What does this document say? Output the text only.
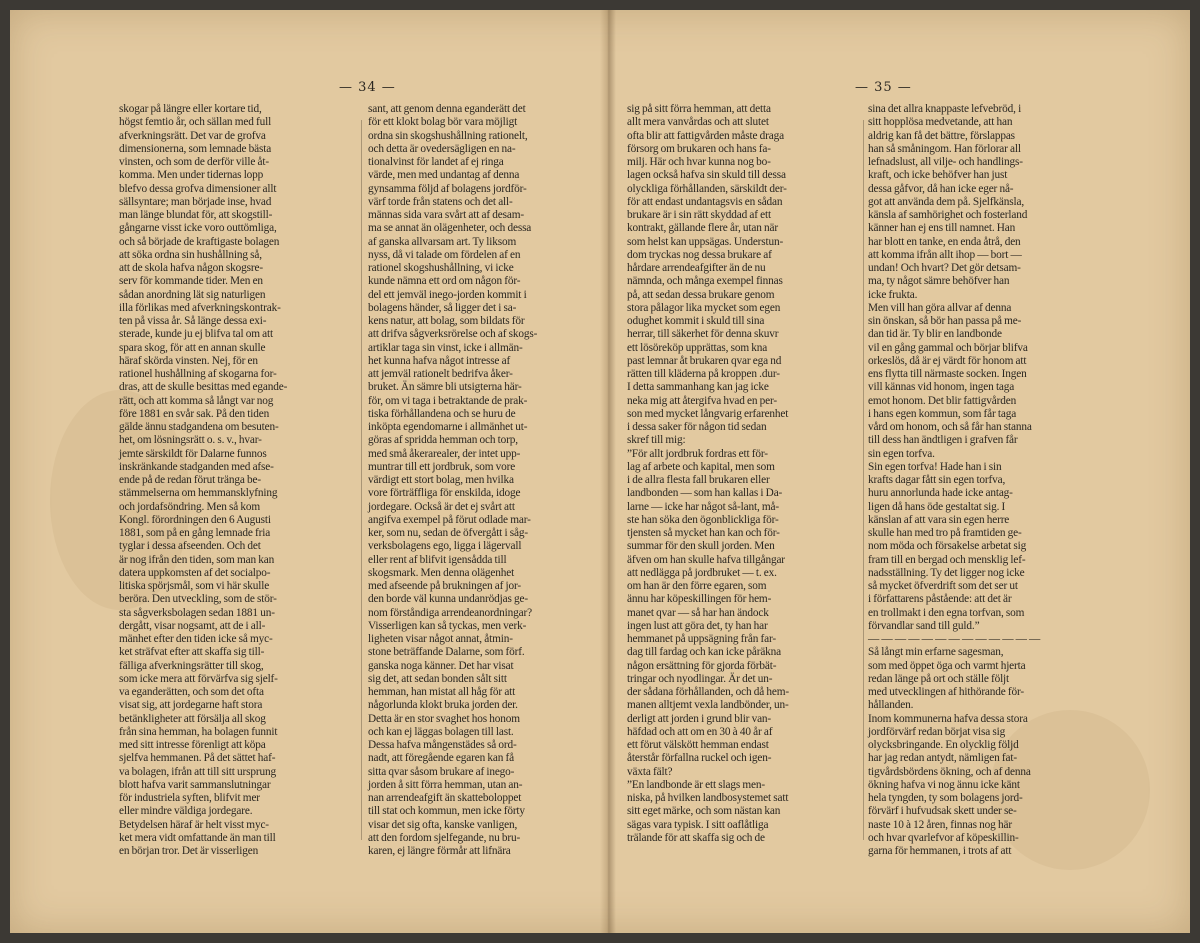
— 34 —

skogar på längre eller kortare tid,
högst femtio år, och sällan med full
afverkningsrätt. Det var de grofva
dimensionerna, som lemnade bästa
vinsten, och som de derför ville åt-
komma. Men under tidernas lopp
blefvo dessa grofva dimensioner allt
sällsyntare; man började inse, hvad
man länge blundat för, att skogstill-
gångarne visst icke voro outtömliga,
och så började de kraftigaste bolagen
att söka ordna sin hushållning så,
att de skola hafva någon skogsre-
serv för kommande tider. Men en
sådan anordning lät sig naturligen
illa förlikas med afverkningskontrak-
ten på vissa år. Så länge dessa exi-
sterade, kunde ju ej blifva tal om att
spara skog, för att en annan skulle
häraf skörda vinsten. Nej, för en
rationel hushållning af skogarna for-
dras, att de skulle besittas med egande-
rätt, och att komma så långt var nog
före 1881 en svår sak. På den tiden
gälde ännu stadgandena om besuten-
het, om lösningsrätt o. s. v., hvar-
jemte särskildt för Dalarne funnos
inskränkande stadganden med afse-
ende på de redan förut tränga be-
stämmelserna om hemmansklyfning
och jordafsöndring. Men så kom
Kongl. förordningen den 6 Augusti
1881, som på en gång lemnade fria
tyglar i dessa afseenden. Och det
är nog ifrån den tiden, som man kan
datera uppkomsten af det socialpo-
litiska spörjsmål, som vi här skulle
beröra. Den utveckling, som de stör-
sta sågverksbolagen sedan 1881 un-
dergått, visar nogsamt, att de i all-
mänhet efter den tiden icke så myc-
ket sträfvat efter att skaffa sig till-
fälliga afverkningsrätter till skog,
som icke mera att förvärfva sig sjelf-
va eganderätten, och som det ofta
visat sig, att jordegarne haft stora
betänkligheter att försälja all skog
från sina hemman, ha bolagen funnit
med sitt intresse förenligt att köpa
sjelfva hemmanen. På det sättet haf-
va bolagen, ifrån att till sitt ursprung
blott hafva varit sammanslutningar
för industriela syften, blifvit mer
eller mindre väldiga jordegare.
Betydelsen häraf är helt visst myc-
ket mera vidt omfattande än man till
en början tror. Det är visserligen

sant, att genom denna eganderätt det
för ett klokt bolag bör vara möjligt
ordna sin skogshushållning rationelt,
och detta är ovedersägligen en na-
tionalvinst för landet af ej ringa
värde, men med undantag af denna
gynsamma följd af bolagens jordför-
värf torde från statens och det all-
männas sida vara svårt att af desam-
ma se annat än olägenheter, och dessa
af ganska allvarsam art. Ty liksom
nyss, då vi talade om fördelen af en
rationel skogshushållning, vi icke
kunde nämna ett ord om någon för-
del ett jemväl inego-jorden kommit i
bolagens händer, så ligger det i sa-
kens natur, att bolag, som bildats för
att drifva sågverksrörelse och af skogs-
artiklar taga sin vinst, icke i allmän-
het kunna hafva något intresse af
att jemväl rationelt bedrifva åker-
bruket. Än sämre bli utsigterna här-
för, om vi taga i betraktande de prak-
tiska förhållandena och se huru de
inköpta egendomarne i allmänhet ut-
göras af spridda hemman och torp,
med små åkerarealer, der intet upp-
muntrar till ett jordbruk, som vore
värdigt ett stort bolag, men hvilka
vore förträffliga för enskilda, idoge
jordegare. Också är det ej svårt att
angifva exempel på förut odlade mar-
ker, som nu, sedan de öfvergått i såg-
verksbolagens ego, ligga i lägervall
eller rent af blifvit igensådda till
skogsmark. Men denna olägenhet
med afseende på brukningen af jor-
den borde väl kunna undanrödjas ge-
nom förståndiga arrendeanordningar?
Visserligen kan så tyckas, men verk-
ligheten visar något annat, åtmin-
stone beträffande Dalarne, som förf.
ganska noga känner. Det har visat
sig det, att sedan bonden sålt sitt
hemman, han mistat all håg för att
någorlunda klokt bruka jorden der.
Detta är en stor svaghet hos honom
och kan ej läggas bolagen till last.
Dessa hafva mångenstädes så ord-
nadt, att föregående egaren kan få
sitta qvar såsom brukare af inego-
jorden å sitt förra hemman, utan an-
nan arrendeafgift än skatteboloppet
till stat och kommun, men icke förty
visar det sig ofta, kanske vanligen,
att den fordom sjelfegande, nu bru-
karen, ej längre förmår att lifnära

— 35 —

sig på sitt förra hemman, att detta
allt mera vanvårdas och att slutet
ofta blir att fattigvården måste draga
försorg om brukaren och hans fa-
milj. Här och hvar kunna nog bo-
lagen också hafva sin skuld till dessa
olyckliga förhållanden, särskildt der-
för att endast undantagsvis en sådan
brukare är i sin rätt skyddad af ett
kontrakt, gällande flere år, utan när
som helst kan uppsägas. Understun-
dom tryckas nog dessa brukare af
hårdare arrendeafgifter än de nu
nämnda, och många exempel finnas
på, att sedan dessa brukare genom
stora pålagor lika mycket som egen
odughet kommit i skuld till sina
herrar, till säkerhet för denna skuvr
ett lösöreköp upprättas, som kna
past lemnar åt brukaren qvar ega nd
rätten till kläderna på kroppen .dur-
I detta sammanhang kan jag icke
neka mig att återgifva hvad en per-
son med mycket långvarig erfarenhet
i dessa saker för någon tid sedan
skref till mig:
”För allt jordbruk fordras ett för-
lag af arbete och kapital, men som
i de allra flesta fall brukaren eller
landbonden — som han kallas i Da-
larne — icke har något så-lant, må-
ste han söka den ögonblickliga för-
tjensten så mycket han kan och för-
summar för den skull jorden. Men
äfven om han skulle hafva tillgångar
att nedlägga på jordbruket — t. ex.
om han är den förre egaren, som
ännu har köpeskillingen för hem-
manet qvar — så har han ändock
ingen lust att göra det, ty han har
hemmanet på uppsägning från far-
dag till fardag och kan icke påräkna
någon ersättning för gjorda förbät-
tringar och nyodlingar. Är det un-
der sådana förhållanden, och då hem-
manen alltjemt vexla landbönder, un-
derligt att jorden i grund blir van-
häfdad och att om en 30 à 40 år af
ett förut välskött hemman endast
återstår förfallna ruckel och igen-
växta fält?
”En landbonde är ett slags men-
niska, på hvilken landbosystemet satt
sitt eget märke, och som nästan kan
sägas vara typisk. I sitt oaflåtliga
trälande för att skaffa sig och de

sina det allra knappaste lefvebröd, i
sitt hopplösa medvetande, att han
aldrig kan få det bättre, förslappas
han så småningom. Han förlorar all
lefnadslust, all vilje- och handlings-
kraft, och icke behöfver han just
dessa gåfvor, då han icke eger nå-
got att använda dem på. Sjelfkänsla,
känsla af samhörighet och fosterland
känner han ej ens till namnet. Han
har blott en tanke, en enda åtrå, den
att komma ifrån allt ihop — bort —
undan! Och hvart? Det gör detsam-
ma, ty något sämre behöfver han
icke frukta.
Men vill han göra allvar af denna
sin önskan, så bör han passa på me-
dan tid är. Ty blir en landbonde
vil en gång gammal och börjar blifva
orkeslös, då är ej värdt för honom att
ens flytta till närmaste socken. Ingen
vill kännas vid honom, ingen taga
emot honom. Det blir fattigvården
i hans egen kommun, som får taga
vård om honom, och så får han stanna
till dess han ändtligen i grafven får
sin egen torfva.
Sin egen torfva! Hade han i sin
krafts dagar fått sin egen torfva,
huru annorlunda hade icke antag-
ligen då hans öde gestaltat sig. I
känslan af att vara sin egen herre
skulle han med tro på framtiden ge-
nom möda och försakelse arbetat sig
fram till en bergad och mensklig lef-
nadsställning. Ty det ligger nog icke
så mycket öfverdrift som det ser ut
i författarens påstående: att det är
en trollmakt i den egna torfvan, som
förvandlar sand till guld.”
— — — — — — — — — — — — —
Så långt min erfarne sagesman,
som med öppet öga och varmt hjerta
redan länge på ort och ställe följt
med utvecklingen af hithörande för-
hållanden.
Inom kommunerna hafva dessa stora
jordförvärf redan börjat visa sig
olycksbringande. En olycklig följd
har jag redan antydt, nämligen fat-
tigvårdsbördens ökning, och af denna
ökning hafva vi nog ännu icke känt
hela tyngden, ty som bolagens jord-
förvärf i hufvudsak skett under se-
naste 10 à 12 åren, finnas nog här
och hvar qvarlefvor af köpeskillin-
garna för hemmanen, i trots af att
